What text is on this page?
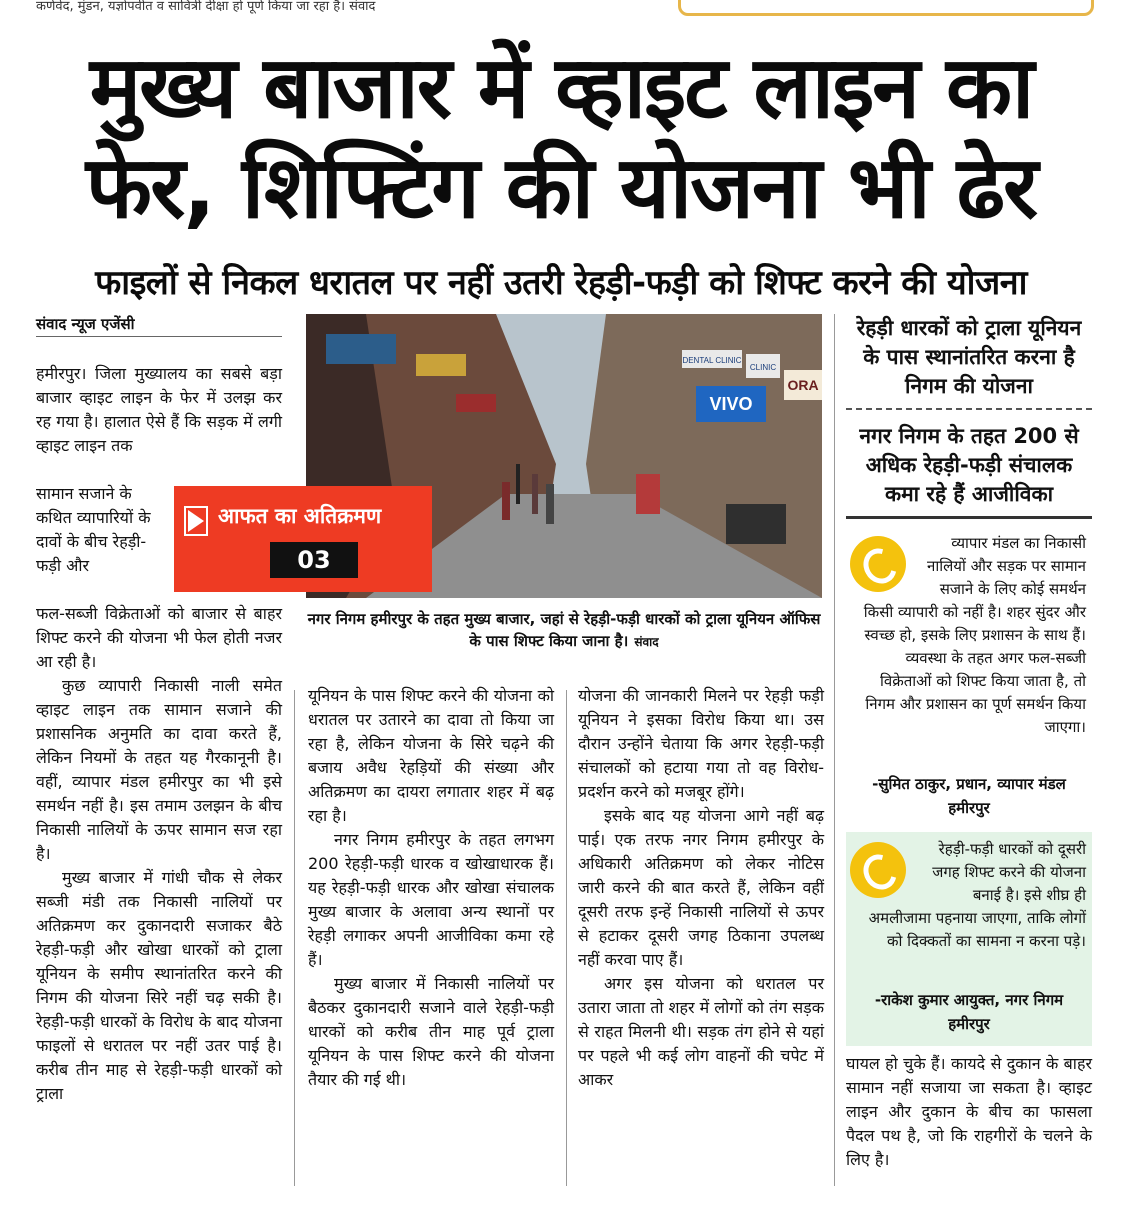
कर्णवेद, मुंडन, यज्ञोपवीत व सावित्री दीक्षा हो पूर्ण किया जा रहा है। संवाद
मुख्य बाजार में व्हाइट लाइन का
फेर, शिफ्टिंग की योजना भी ढेर
फाइलों से निकल धरातल पर नहीं उतरी रेहड़ी-फड़ी को शिफ्ट करने की योजना
संवाद न्यूज एजेंसी

हमीरपुर। जिला मुख्यालय का सबसे बड़ा बाजार व्हाइट लाइन के फेर में उलझ कर रह गया है। हालात ऐसे हैं कि सड़क में लगी व्हाइट लाइन तक

सामान सजाने के कथित व्यापारियों के दावों के बीच रेहड़ी-फड़ी और

फल-सब्जी विक्रेताओं को बाजार से बाहर शिफ्ट करने की योजना भी फेल होती नजर आ रही है।

कुछ व्यापारी निकासी नाली समेत व्हाइट लाइन तक सामान सजाने की प्रशासनिक अनुमति का दावा करते हैं, लेकिन नियमों के तहत यह गैरकानूनी है। वहीं, व्यापार मंडल हमीरपुर का भी इसे समर्थन नहीं है। इस तमाम उलझन के बीच निकासी नालियों के ऊपर सामान सज रहा है।

मुख्य बाजार में गांधी चौक से लेकर सब्जी मंडी तक निकासी नालियों पर अतिक्रमण कर दुकानदारी सजाकर बैठे रेहड़ी-फड़ी और खोखा धारकों को ट्राला यूनियन के समीप स्थानांतरित करने की निगम की योजना सिरे नहीं चढ़ सकी है। रेहड़ी-फड़ी धारकों के विरोध के बाद योजना फाइलों से धरातल पर नहीं उतर पाई है। करीब तीन माह से रेहड़ी-फड़ी धारकों को ट्राला

VIVO
DENTAL CLINIC
CLINIC
ORA
नगर निगम हमीरपुर के तहत मुख्य बाजार, जहां से रेहड़ी-फड़ी धारकों को ट्राला यूनियन ऑफिस के पास शिफ्ट किया जाना है। संवाद
आफत का अतिक्रमण
03

यूनियन के पास शिफ्ट करने की योजना को धरातल पर उतारने का दावा तो किया जा रहा है, लेकिन योजना के सिरे चढ़ने की बजाय अवैध रेहड़ियों की संख्या और अतिक्रमण का दायरा लगातार शहर में बढ़ रहा है।

नगर निगम हमीरपुर के तहत लगभग 200 रेहड़ी-फड़ी धारक व खोखाधारक हैं। यह रेहड़ी-फड़ी धारक और खोखा संचालक मुख्य बाजार के अलावा अन्य स्थानों पर रेहड़ी लगाकर अपनी आजीविका कमा रहे हैं।

मुख्य बाजार में निकासी नालियों पर बैठकर दुकानदारी सजाने वाले रेहड़ी-फड़ी धारकों को करीब तीन माह पूर्व ट्राला यूनियन के पास शिफ्ट करने की योजना तैयार की गई थी।

योजना की जानकारी मिलने पर रेहड़ी फड़ी यूनियन ने इसका विरोध किया था। उस दौरान उन्होंने चेताया कि अगर रेहड़ी-फड़ी संचालकों को हटाया गया तो वह विरोध-प्रदर्शन करने को मजबूर होंगे।

इसके बाद यह योजना आगे नहीं बढ़ पाई। एक तरफ नगर निगम हमीरपुर के अधिकारी अतिक्रमण को लेकर नोटिस जारी करने की बात करते हैं, लेकिन वहीं दूसरी तरफ इन्हें निकासी नालियों से ऊपर से हटाकर दूसरी जगह ठिकाना उपलब्ध नहीं करवा पाए हैं।

अगर इस योजना को धरातल पर उतारा जाता तो शहर में लोगों को तंग सड़क से राहत मिलनी थी। सड़क तंग होने से यहां पर पहले भी कई लोग वाहनों की चपेट में आकर

रेहड़ी धारकों को ट्राला यूनियन के पास स्थानांतरित करना है निगम की योजना
नगर निगम के तहत 200 से अधिक रेहड़ी-फड़ी संचालक कमा रहे हैं आजीविका
व्यापार मंडल का निकासी नालियों और सड़क पर सामान सजाने के लिए कोई समर्थन किसी व्यापारी को नहीं है। शहर सुंदर और स्वच्छ हो, इसके लिए प्रशासन के साथ हैं। व्यवस्था के तहत अगर फल-सब्जी विक्रेताओं को शिफ्ट किया जाता है, तो निगम और प्रशासन का पूर्ण समर्थन किया जाएगा।
-सुमित ठाकुर, प्रधान, व्यापार मंडल हमीरपुर
रेहड़ी-फड़ी धारकों को दूसरी जगह शिफ्ट करने की योजना बनाई है। इसे शीघ्र ही अमलीजामा पहनाया जाएगा, ताकि लोगों को दिक्कतों का सामना न करना पड़े।
-राकेश कुमार आयुक्त, नगर निगम हमीरपुर

घायल हो चुके हैं। कायदे से दुकान के बाहर सामान नहीं सजाया जा सकता है। व्हाइट लाइन और दुकान के बीच का फासला पैदल पथ है, जो कि राहगीरों के चलने के लिए है।
